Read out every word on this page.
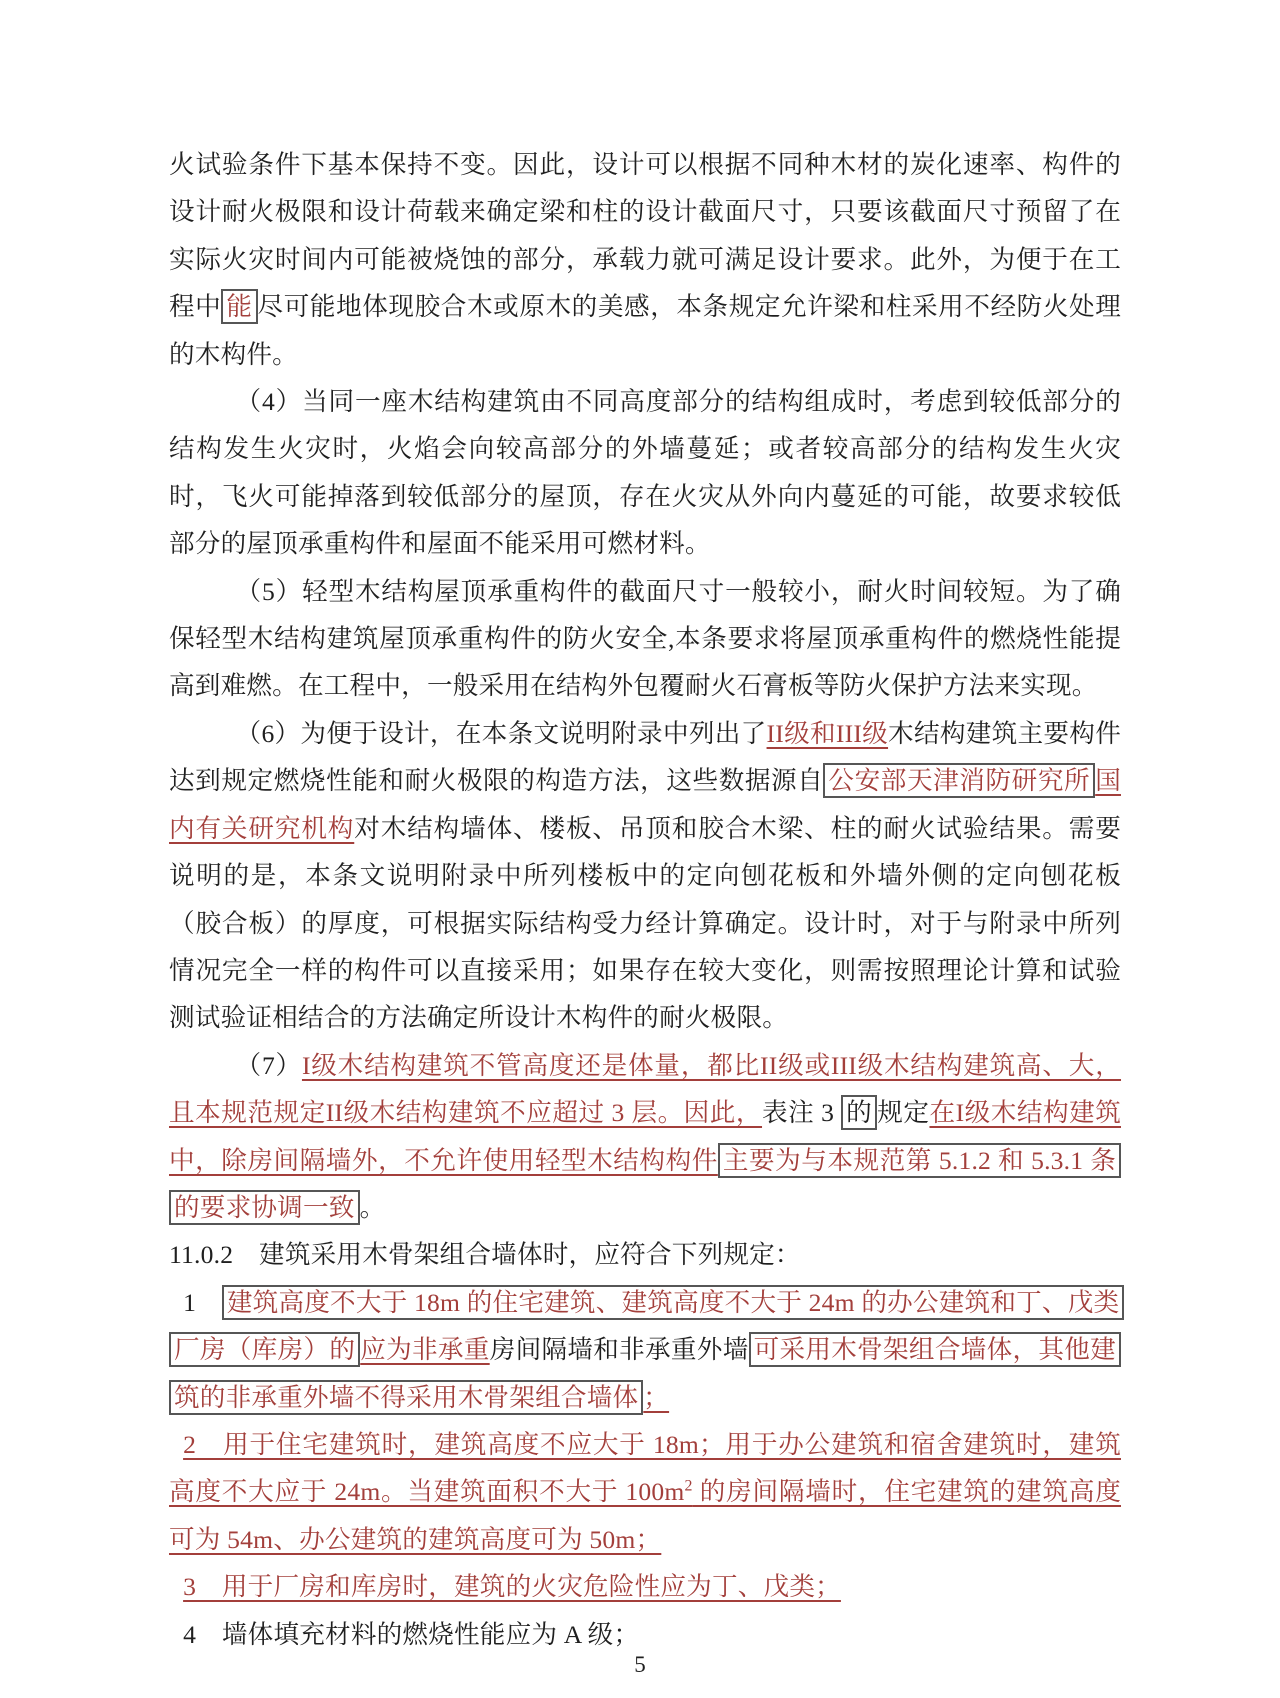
火试验条件下基本保持不变。因此，设计可以根据不同种木材的炭化速率、构件的设计耐火极限和设计荷载来确定梁和柱的设计截面尺寸，只要该截面尺寸预留了在实际火灾时间内可能被烧蚀的部分，承载力就可满足设计要求。此外，为便于在工程中 能 尽可能地体现胶合木或原木的美感，本条规定允许梁和柱采用不经防火处理的木构件。

（4）当同一座木结构建筑由不同高度部分的结构组成时，考虑到较低部分的结构发生火灾时，火焰会向较高部分的外墙蔓延；或者较高部分的结构发生火灾时，飞火可能掉落到较低部分的屋顶，存在火灾从外向内蔓延的可能，故要求较低部分的屋顶承重构件和屋面不能采用可燃材料。

（5）轻型木结构屋顶承重构件的截面尺寸一般较小，耐火时间较短。为了确保轻型木结构建筑屋顶承重构件的防火安全,本条要求将屋顶承重构件的燃烧性能提高到难燃。在工程中，一般采用在结构外包覆耐火石膏板等防火保护方法来实现。

（6）为便于设计，在本条文说明附录中列出了II级和III级木结构建筑主要构件达到规定燃烧性能和耐火极限的构造方法，这些数据源自 公安部天津消防研究所 国内有关研究机构对木结构墙体、楼板、吊顶和胶合木梁、柱的耐火试验结果。需要说明的是，本条文说明附录中所列楼板中的定向刨花板和外墙外侧的定向刨花板（胶合板）的厚度，可根据实际结构受力经计算确定。设计时，对于与附录中所列情况完全一样的构件可以直接采用；如果存在较大变化，则需按照理论计算和试验测试验证相结合的方法确定所设计木构件的耐火极限。

（7）I级木结构建筑不管高度还是体量，都比II级或III级木结构建筑高、大，且本规范规定II级木结构建筑不应超过 3 层。因此，表注 3 的 规定在I级木结构建筑中，除房间隔墙外，不允许使用轻型木结构构件 主要为与本规范第 5.1.2 和 5.3.1 条的要求协调一致 。

11.0.2　建筑采用木骨架组合墙体时，应符合下列规定：

1　建筑高度不大于 18m 的住宅建筑、建筑高度不大于 24m 的办公建筑和丁、戊类厂房（库房）的 应为非承重房间隔墙和非承重外墙 可采用木骨架组合墙体，其他建筑的非承重外墙不得采用木骨架组合墙体 ；

2　用于住宅建筑时，建筑高度不应大于 18m；用于办公建筑和宿舍建筑时，建筑高度不大应于 24m。当建筑面积不大于 $100m^2$ 的房间隔墙时，住宅建筑的建筑高度可为 54m、办公建筑的建筑高度可为 50m；

3　用于厂房和库房时，建筑的火灾危险性应为丁、戊类；

4　墙体填充材料的燃烧性能应为 A 级；

5
